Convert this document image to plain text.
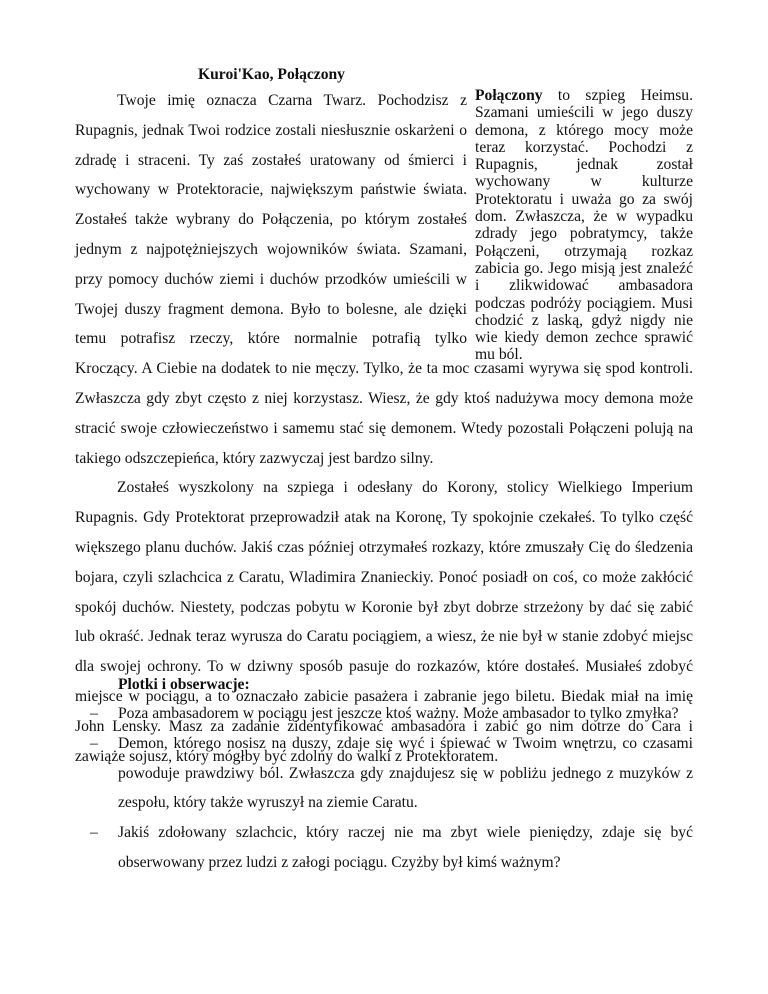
Kuroi'Kao, Połączony
Połączony to szpieg Heimsu. Szamani umieścili w jego duszy demona, z którego mocy może teraz korzystać. Pochodzi z Rupagnis, jednak został wychowany w kulturze Protektoratu i uważa go za swój dom. Zwłaszcza, że w wypadku zdrady jego pobratymcy, także Połączeni, otrzymają rozkaz zabicia go. Jego misją jest znaleźć i zlikwidować ambasadora podczas podróży pociągiem. Musi chodzić z laską, gdyż nigdy nie wie kiedy demon zechce sprawić mu ból.

Twoje imię oznacza Czarna Twarz. Pochodzisz z Rupagnis, jednak Twoi rodzice zostali niesłusznie oskarżeni o zdradę i straceni. Ty zaś zostałeś uratowany od śmierci i wychowany w Protektoracie, największym państwie świata. Zostałeś także wybrany do Połączenia, po którym zostałeś jednym z najpotężniejszych wojowników świata. Szamani, przy pomocy duchów ziemi i duchów przodków umieścili w Twojej duszy fragment demona. Było to bolesne, ale dzięki temu potrafisz rzeczy, które normalnie potrafią tylko Kroczący. A Ciebie na dodatek to nie męczy. Tylko, że ta moc czasami wyrywa się spod kontroli. Zwłaszcza gdy zbyt często z niej korzystasz. Wiesz, że gdy ktoś nadużywa mocy demona może stracić swoje człowieczeństwo i samemu stać się demonem. Wtedy pozostali Połączeni polują na takiego odszczepieńca, który zazwyczaj jest bardzo silny.

Zostałeś wyszkolony na szpiega i odesłany do Korony, stolicy Wielkiego Imperium Rupagnis. Gdy Protektorat przeprowadził atak na Koronę, Ty spokojnie czekałeś. To tylko część większego planu duchów. Jakiś czas później otrzymałeś rozkazy, które zmuszały Cię do śledzenia bojara, czyli szlachcica z Caratu, Wladimira Znanieckiy. Ponoć posiadł on coś, co może zakłócić spokój duchów. Niestety, podczas pobytu w Koronie był zbyt dobrze strzeżony by dać się zabić lub okraść. Jednak teraz wyrusza do Caratu pociągiem, a wiesz, że nie był w stanie zdobyć miejsc dla swojej ochrony. To w dziwny sposób pasuje do rozkazów, które dostałeś. Musiałeś zdobyć miejsce w pociągu, a to oznaczało zabicie pasażera i zabranie jego biletu. Biedak miał na imię John Lensky. Masz za zadanie zidentyfikować ambasadora i zabić go nim dotrze do Cara i zawiąże sojusz, który mógłby być zdolny do walki z Protektoratem.

Plotki i obserwacje:
– Poza ambasadorem w pociągu jest jeszcze ktoś ważny. Może ambasador to tylko zmyłka?
– Demon, którego nosisz na duszy, zdaje się wyć i śpiewać w Twoim wnętrzu, co czasami powoduje prawdziwy ból. Zwłaszcza gdy znajdujesz się w pobliżu jednego z muzyków z zespołu, który także wyruszył na ziemie Caratu.
– Jakiś zdołowany szlachcic, który raczej nie ma zbyt wiele pieniędzy, zdaje się być obserwowany przez ludzi z załogi pociągu. Czyżby był kimś ważnym?
